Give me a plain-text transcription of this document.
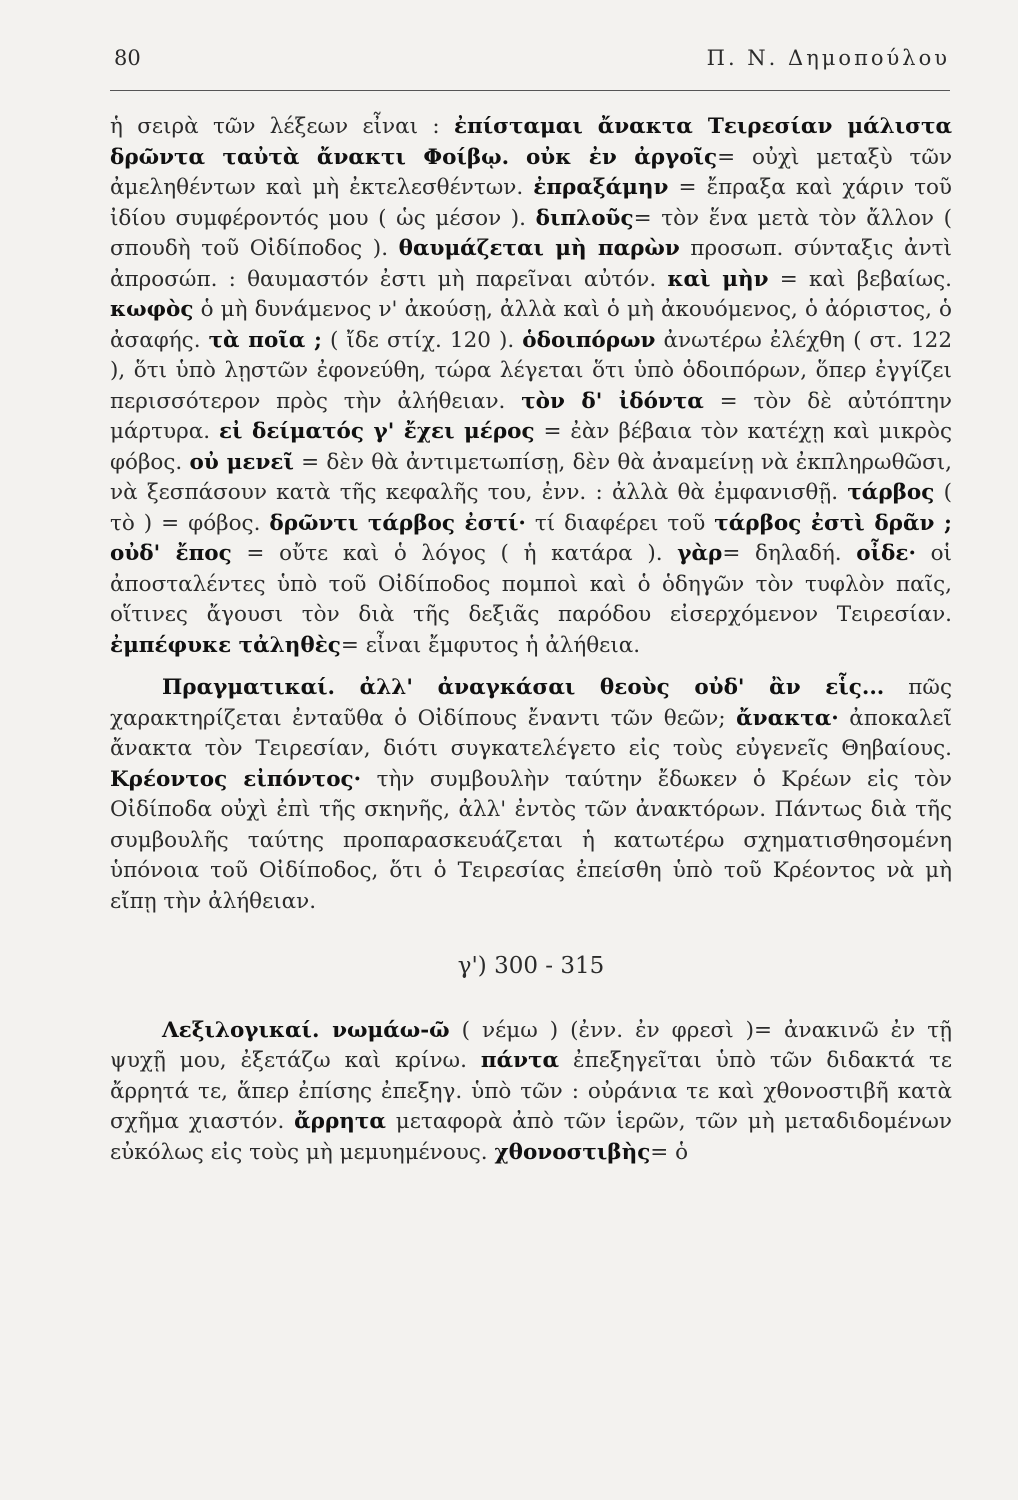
80	Π. Ν. Δημοπούλου

ἡ σειρὰ τῶν λέξεων εἶναι : ἐπίσταμαι ἄνακτα Τειρεσίαν μάλιστα δρῶντα ταὐτὰ ἄνακτι Φοίβῳ. οὐκ ἐν ἀργοῖς= οὐχὶ μεταξὺ τῶν ἀμεληθέντων καὶ μὴ ἐκτελεσθέντων. ἐπραξάμην = ἔπραξα καὶ χάριν τοῦ ἰδίου συμφέροντός μου ( ὡς μέσον ). διπλοῦς= τὸν ἕνα μετὰ τὸν ἄλλον ( σπουδὴ τοῦ Οἰδίποδος ). θαυμάζεται μὴ παρὼν προσωπ. σύνταξις ἀντὶ ἀπροσώπ. : θαυμαστόν ἐστι μὴ παρεῖναι αὐτόν. καὶ μὴν = καὶ βεβαίως. κωφὸς ὁ μὴ δυνάμενος ν' ἀκούσῃ, ἀλλὰ καὶ ὁ μὴ ἀκουόμενος, ὁ ἀόριστος, ὁ ἀσαφής. τὰ ποῖα ; ( ἴδε στίχ. 120 ). ὁδοιπόρων ἀνωτέρω ἐλέχθη ( στ. 122 ), ὅτι ὑπὸ λῃστῶν ἐφονεύθη, τώρα λέγεται ὅτι ὑπὸ ὁδοιπόρων, ὅπερ ἐγγίζει περισσότερον πρὸς τὴν ἀλήθειαν. τὸν δ' ἰδόντα = τὸν δὲ αὐτόπτην μάρτυρα. εἰ δείματός γ' ἔχει μέρος = ἐὰν βέβαια τὸν κατέχῃ καὶ μικρὸς φόβος. οὐ μενεῖ = δὲν θὰ ἀντιμετωπίσῃ, δὲν θὰ ἀναμείνῃ νὰ ἐκπληρωθῶσι, νὰ ξεσπάσουν κατὰ τῆς κεφαλῆς του, ἐνν. : ἀλλὰ θὰ ἐμφανισθῇ. τάρβος ( τὸ ) = φόβος. δρῶντι τάρβος ἐστί· τί διαφέρει τοῦ τάρβος ἐστὶ δρᾶν ; οὐδ' ἔπος = οὔτε καὶ ὁ λόγος ( ἡ κατάρα ). γὰρ= δηλαδή. οἶδε· οἱ ἀποσταλέντες ὑπὸ τοῦ Οἰδίποδος πομποὶ καὶ ὁ ὁδηγῶν τὸν τυφλὸν παῖς, οἵτινες ἄγουσι τὸν διὰ τῆς δεξιᾶς παρόδου εἰσερχόμενον Τειρεσίαν. ἐμπέφυκε τἀληθὲς= εἶναι ἔμφυτος ἡ ἀλήθεια.

Πραγματικαί. ἀλλ' ἀναγκάσαι θεοὺς οὐδ' ἂν εἷς... πῶς χαρακτηρίζεται ἐνταῦθα ὁ Οἰδίπους ἔναντι τῶν θεῶν; ἄνακτα· ἀποκαλεῖ ἄνακτα τὸν Τειρεσίαν, διότι συγκατελέγετο εἰς τοὺς εὐγενεῖς Θηβαίους. Κρέοντος εἰπόντος· τὴν συμβουλὴν ταύτην ἔδωκεν ὁ Κρέων εἰς τὸν Οἰδίποδα οὐχὶ ἐπὶ τῆς σκηνῆς, ἀλλ' ἐντὸς τῶν ἀνακτόρων. Πάντως διὰ τῆς συμβουλῆς ταύτης προπαρασκευάζεται ἡ κατωτέρω σχηματισθησομένη ὑπόνοια τοῦ Οἰδίποδος, ὅτι ὁ Τειρεσίας ἐπείσθη ὑπὸ τοῦ Κρέοντος νὰ μὴ εἴπῃ τὴν ἀλήθειαν.

γ') 300 - 315

Λεξιλογικαί. νωμάω-ῶ ( νέμω ) (ἐνν. ἐν φρεσὶ )= ἀνακινῶ ἐν τῇ ψυχῇ μου, ἐξετάζω καὶ κρίνω. πάντα ἐπεξηγεῖται ὑπὸ τῶν διδακτά τε ἄρρητά τε, ἅπερ ἐπίσης ἐπεξηγ. ὑπὸ τῶν : οὐράνια τε καὶ χθονοστιβῆ κατὰ σχῆμα χιαστόν. ἄρρητα μεταφορὰ ἀπὸ τῶν ἱερῶν, τῶν μὴ μεταδιδομένων εὐκόλως εἰς τοὺς μὴ μεμυημένους. χθονοστιβὴς= ὁ
